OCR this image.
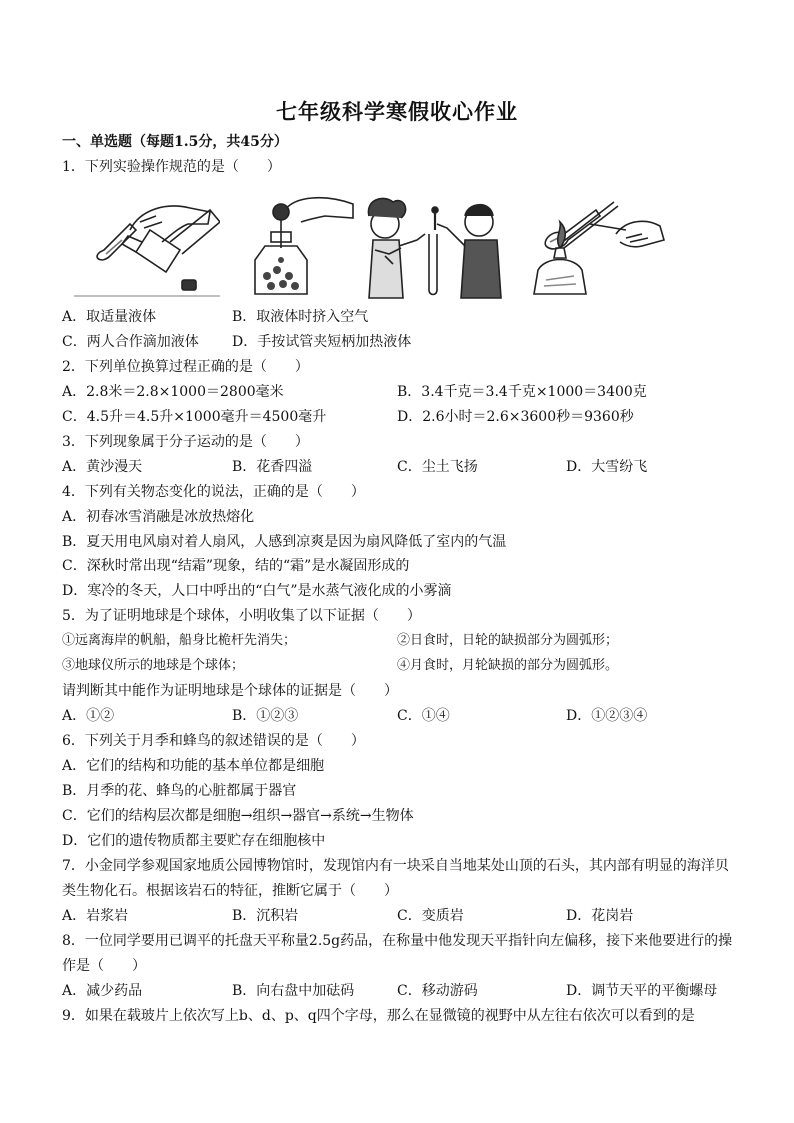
七年级科学寒假收心作业
一、单选题（每题1.5分，共45分）
1．下列实验操作规范的是（　　）
A．取适量液体	B．取液体时挤入空气
C．两人合作滴加液体 D．手按试管夹短柄加热液体
2．下列单位换算过程正确的是（　　）
A．2.8米＝2.8×1000＝2800毫米	B．3.4千克＝3.4千克×1000＝3400克
C．4.5升＝4.5升×1000毫升＝4500毫升	D．2.6小时＝2.6×3600秒＝9360秒
3．下列现象属于分子运动的是（　　）
A．黄沙漫天	B．花香四溢	C．尘土飞扬	D．大雪纷飞
4．下列有关物态变化的说法，正确的是（　　）
A．初春冰雪消融是冰放热熔化
B．夏天用电风扇对着人扇风，人感到凉爽是因为扇风降低了室内的气温
C．深秋时常出现“结霜”现象，结的“霜”是水凝固形成的
D．寒冷的冬天，人口中呼出的“白气”是水蒸气液化成的小雾滴
5．为了证明地球是个球体，小明收集了以下证据（　　）
①远离海岸的帆船，船身比桅杆先消失；	②日食时，日轮的缺损部分为圆弧形；
③地球仪所示的地球是个球体；	④月食时，月轮缺损的部分为圆弧形。
请判断其中能作为证明地球是个球体的证据是（　　）
A．①②	B．①②③	C．①④	D．①②③④
6．下列关于月季和蜂鸟的叙述错误的是（　　）
A．它们的结构和功能的基本单位都是细胞
B．月季的花、蜂鸟的心脏都属于器官
C．它们的结构层次都是细胞→组织→器官→系统→生物体
D．它们的遗传物质都主要贮存在细胞核中
7．小金同学参观国家地质公园博物馆时，发现馆内有一块采自当地某处山顶的石头，其内部有明显的海洋贝
类生物化石。根据该岩石的特征，推断它属于（　　）
A．岩浆岩	B．沉积岩	C．变质岩	D．花岗岩
8．一位同学要用已调平的托盘天平称量2.5g药品，在称量中他发现天平指针向左偏移，接下来他要进行的操
作是（　　）
A．减少药品	B．向右盘中加砝码	C．移动游码	D．调节天平的平衡螺母
9．如果在载玻片上依次写上b、d、p、q四个字母，那么在显微镜的视野中从左往右依次可以看到的是
